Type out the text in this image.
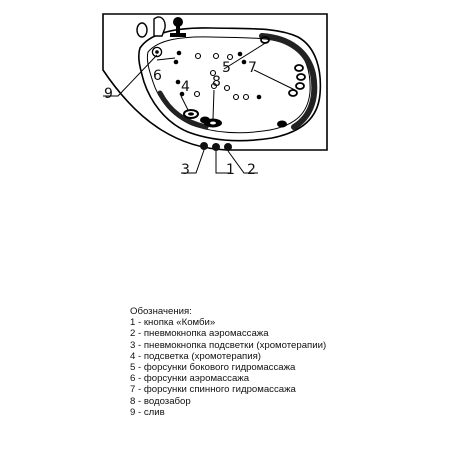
9
6
4 8
5 7
3	1 2

Обозначения:

1 - кнопка «Комби»
2 - пневмокнопка аэромассажа
3 - пневмокнопка подсветки (хромотерапии)
4 - подсветка (хромотерапия)
5 - форсунки бокового гидромассажа
6 - форсунки аэромассажа
7 - форсунки спинного гидромассажа
8 - водозабор
9 - слив
